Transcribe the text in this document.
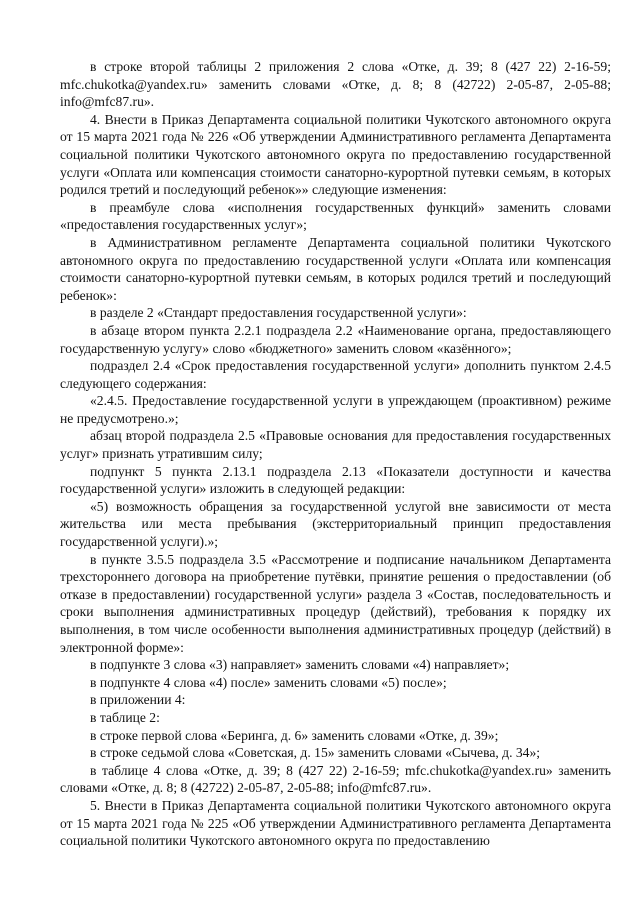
в строке второй таблицы 2 приложения 2 слова «Отке, д. 39; 8 (427 22) 2-16-59; mfc.chukotka@yandex.ru» заменить словами «Отке, д. 8; 8 (42722) 2-05-87, 2-05-88; info@mfc87.ru».

4. Внести в Приказ Департамента социальной политики Чукотского автономного округа от 15 марта 2021 года № 226 «Об утверждении Административного регламента Департамента социальной политики Чукотского автономного округа по предоставлению государственной услуги «Оплата или компенсация стоимости санаторно-курортной путевки семьям, в которых родился третий и последующий ребенок»» следующие изменения:

в преамбуле слова «исполнения государственных функций» заменить словами «предоставления государственных услуг»;

в Административном регламенте Департамента социальной политики Чукотского автономного округа по предоставлению государственной услуги «Оплата или компенсация стоимости санаторно-курортной путевки семьям, в которых родился третий и последующий ребенок»:

в разделе 2 «Стандарт предоставления государственной услуги»:

в абзаце втором пункта 2.2.1 подраздела 2.2 «Наименование органа, предоставляющего государственную услугу» слово «бюджетного» заменить словом «казённого»;

подраздел 2.4 «Срок предоставления государственной услуги» дополнить пунктом 2.4.5 следующего содержания:

«2.4.5. Предоставление государственной услуги в упреждающем (проактивном) режиме не предусмотрено.»;

абзац второй подраздела 2.5 «Правовые основания для предоставления государственных услуг» признать утратившим силу;

подпункт 5 пункта 2.13.1 подраздела 2.13 «Показатели доступности и качества государственной услуги» изложить в следующей редакции:

«5) возможность обращения за государственной услугой вне зависимости от места жительства или места пребывания (экстерриториальный принцип предоставления государственной услуги).»;

в пункте 3.5.5 подраздела 3.5 «Рассмотрение и подписание начальником Департамента трехстороннего договора на приобретение путёвки, принятие решения о предоставлении (об отказе в предоставлении) государственной услуги» раздела 3 «Состав, последовательность и сроки выполнения административных процедур (действий), требования к порядку их выполнения, в том числе особенности выполнения административных процедур (действий) в электронной форме»:

в подпункте 3 слова «3) направляет» заменить словами «4) направляет»;

в подпункте 4 слова «4) после» заменить словами «5) после»;

в приложении 4:

в таблице 2:

в строке первой слова «Беринга, д. 6» заменить словами «Отке, д. 39»;

в строке седьмой слова «Советская, д. 15» заменить словами «Сычева, д. 34»;

в таблице 4 слова «Отке, д. 39; 8 (427 22) 2-16-59; mfc.chukotka@yandex.ru» заменить словами «Отке, д. 8; 8 (42722) 2-05-87, 2-05-88; info@mfc87.ru».

5. Внести в Приказ Департамента социальной политики Чукотского автономного округа от 15 марта 2021 года № 225 «Об утверждении Административного регламента Департамента социальной политики Чукотского автономного округа по предоставлению
